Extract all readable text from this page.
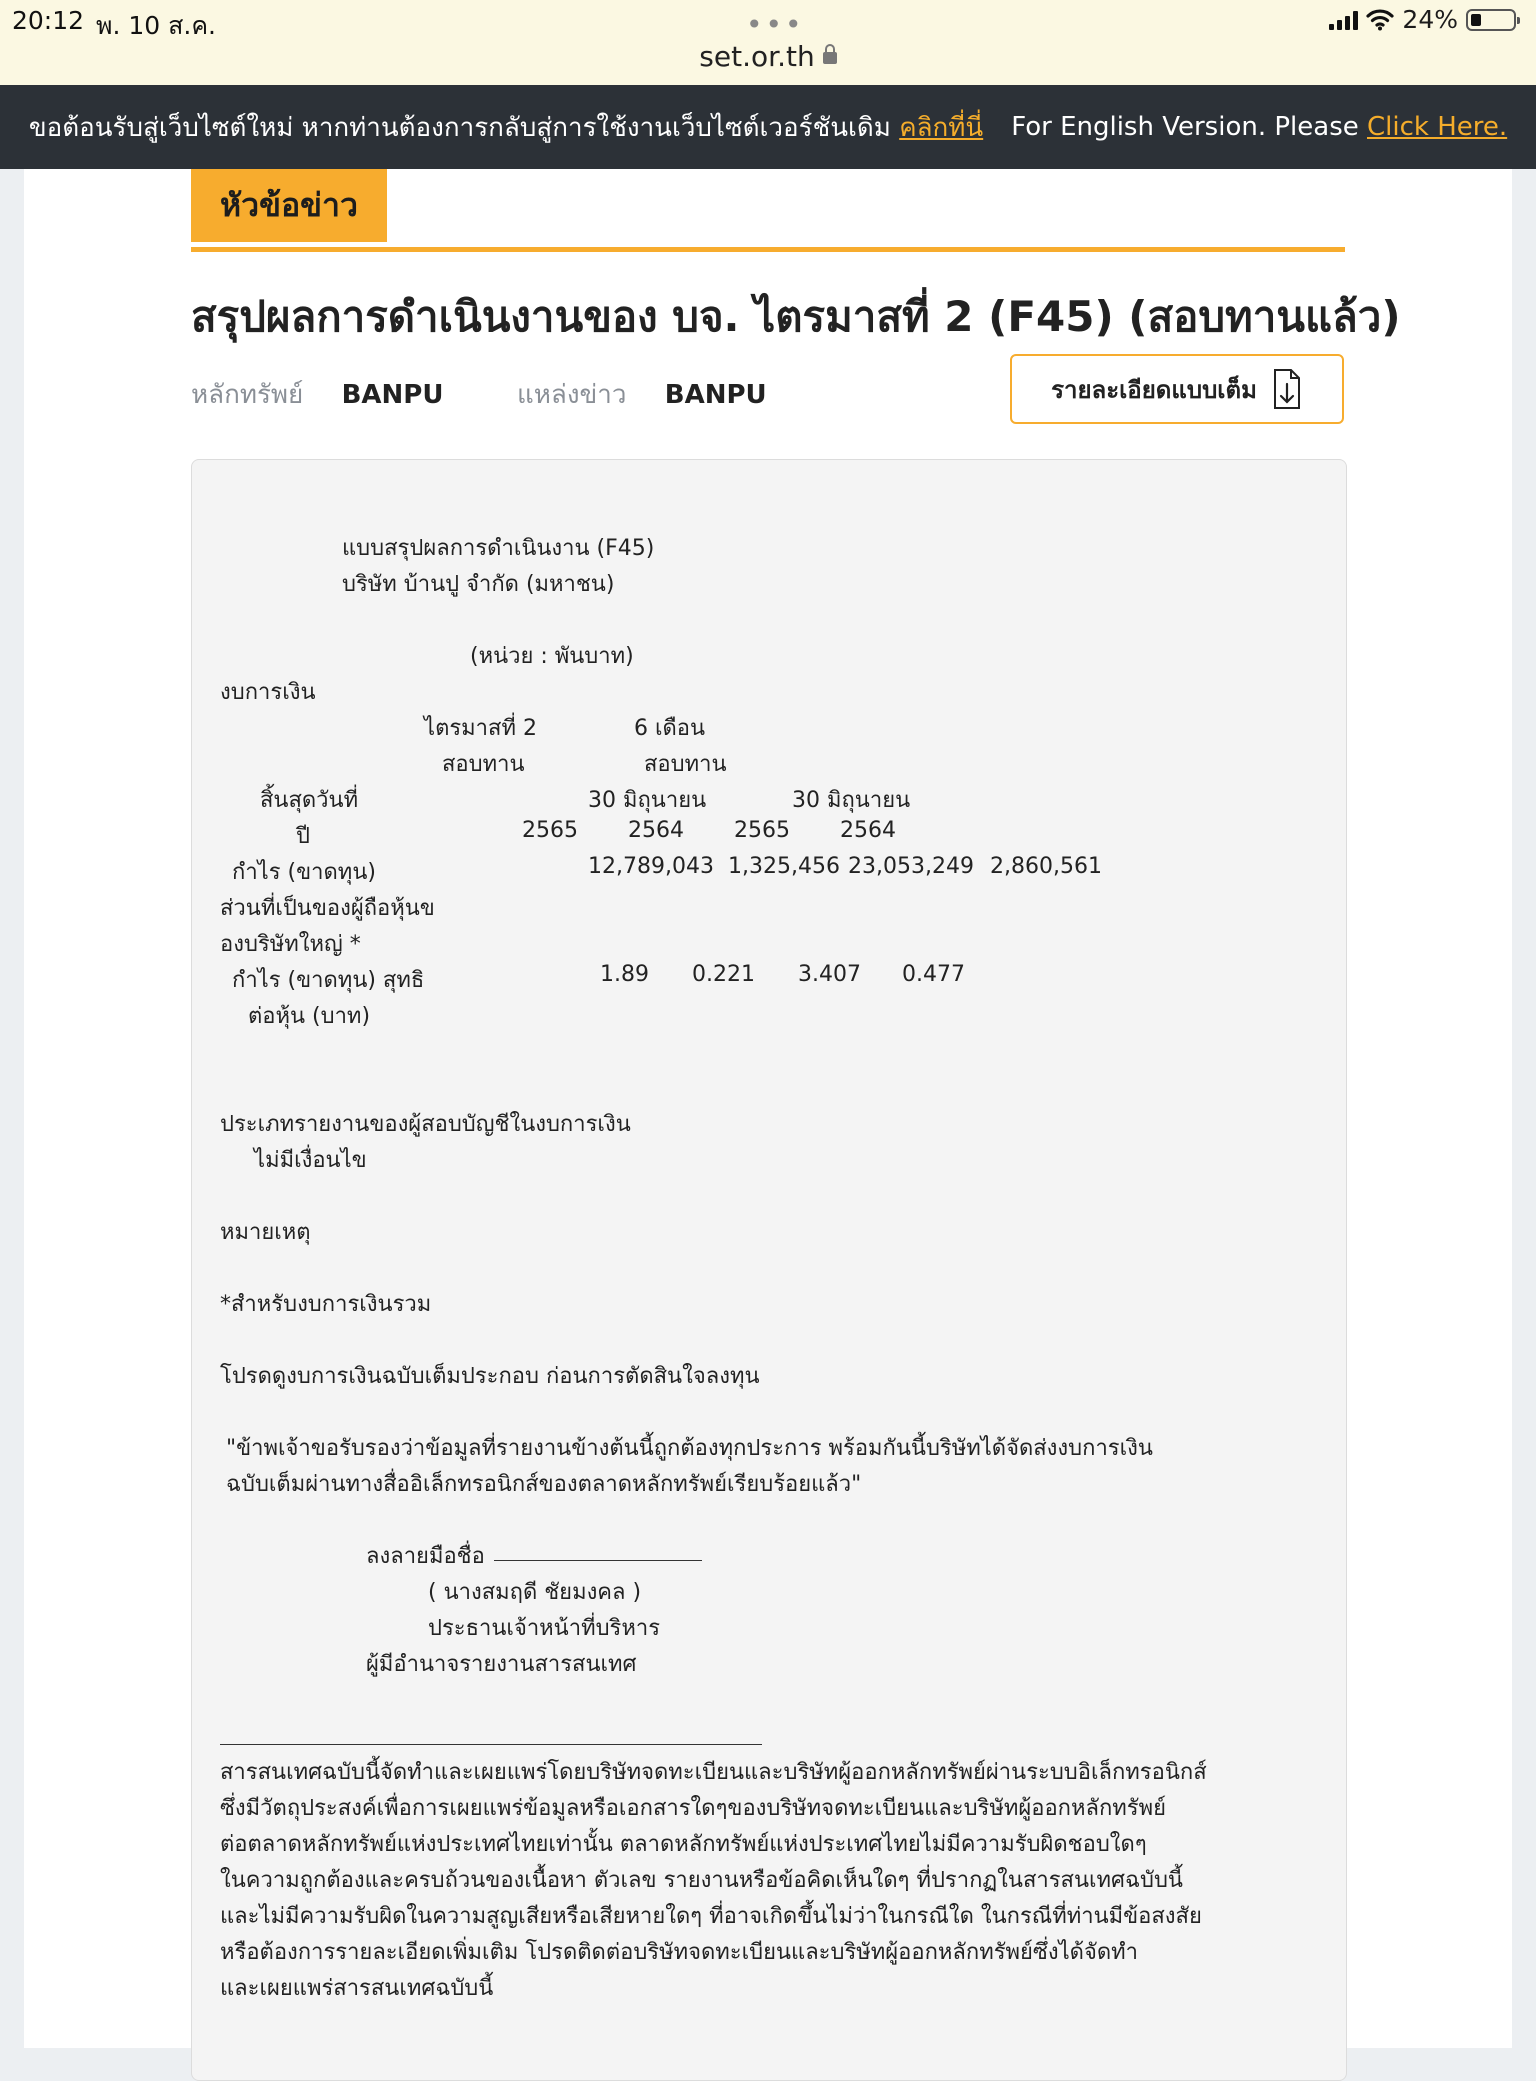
20:12 พ. 10 ส.ค.	•••	24%
set.or.th
ขอต้อนรับสู่เว็บไซต์ใหม่ หากท่านต้องการกลับสู่การใช้งานเว็บไซต์เวอร์ชันเดิม คลิกที่นี่ For English Version. Please Click Here.
หัวข้อข่าว
สรุปผลการดำเนินงานของ บจ. ไตรมาสที่ 2 (F45) (สอบทานแล้ว)
หลักทรัพย์ BANPU	แหล่งข่าว BANPU	รายละเอียดแบบเต็ม
แบบสรุปผลการดำเนินงาน (F45)
บริษัท บ้านปู จำกัด (มหาชน)
(หน่วย : พันบาท)
งบการเงิน
ไตรมาสที่ 2	6 เดือน
สอบทาน	สอบทาน
สิ้นสุดวันที่	30 มิถุนายน	30 มิถุนายน
ปี	2565 2564 2565 2564
กำไร (ขาดทุน)	12,789,043 1,325,456 23,053,249 2,860,561
ส่วนที่เป็นของผู้ถือหุ้นข
องบริษัทใหญ่ *
กำไร (ขาดทุน) สุทธิ	1.89 0.221 3.407 0.477
ต่อหุ้น (บาท)
ประเภทรายงานของผู้สอบบัญชีในงบการเงิน
ไม่มีเงื่อนไข
หมายเหตุ
*สำหรับงบการเงินรวม
โปรดดูงบการเงินฉบับเต็มประกอบ ก่อนการตัดสินใจลงทุน
"ข้าพเจ้าขอรับรองว่าข้อมูลที่รายงานข้างต้นนี้ถูกต้องทุกประการ พร้อมกันนี้บริษัทได้จัดส่งงบการเงิน
ฉบับเต็มผ่านทางสื่ออิเล็กทรอนิกส์ของตลาดหลักทรัพย์เรียบร้อยแล้ว"
ลงลายมือชื่อ
( นางสมฤดี ชัยมงคล )
ประธานเจ้าหน้าที่บริหาร
ผู้มีอำนาจรายงานสารสนเทศ
สารสนเทศฉบับนี้จัดทำและเผยแพร่โดยบริษัทจดทะเบียนและบริษัทผู้ออกหลักทรัพย์ผ่านระบบอิเล็กทรอนิกส์
ซึ่งมีวัตถุประสงค์เพื่อการเผยแพร่ข้อมูลหรือเอกสารใดๆของบริษัทจดทะเบียนและบริษัทผู้ออกหลักทรัพย์
ต่อตลาดหลักทรัพย์แห่งประเทศไทยเท่านั้น ตลาดหลักทรัพย์แห่งประเทศไทยไม่มีความรับผิดชอบใดๆ
ในความถูกต้องและครบถ้วนของเนื้อหา ตัวเลข รายงานหรือข้อคิดเห็นใดๆ ที่ปรากฏในสารสนเทศฉบับนี้
และไม่มีความรับผิดในความสูญเสียหรือเสียหายใดๆ ที่อาจเกิดขึ้นไม่ว่าในกรณีใด ในกรณีที่ท่านมีข้อสงสัย
หรือต้องการรายละเอียดเพิ่มเติม โปรดติดต่อบริษัทจดทะเบียนและบริษัทผู้ออกหลักทรัพย์ซึ่งได้จัดทำ
และเผยแพร่สารสนเทศฉบับนี้
